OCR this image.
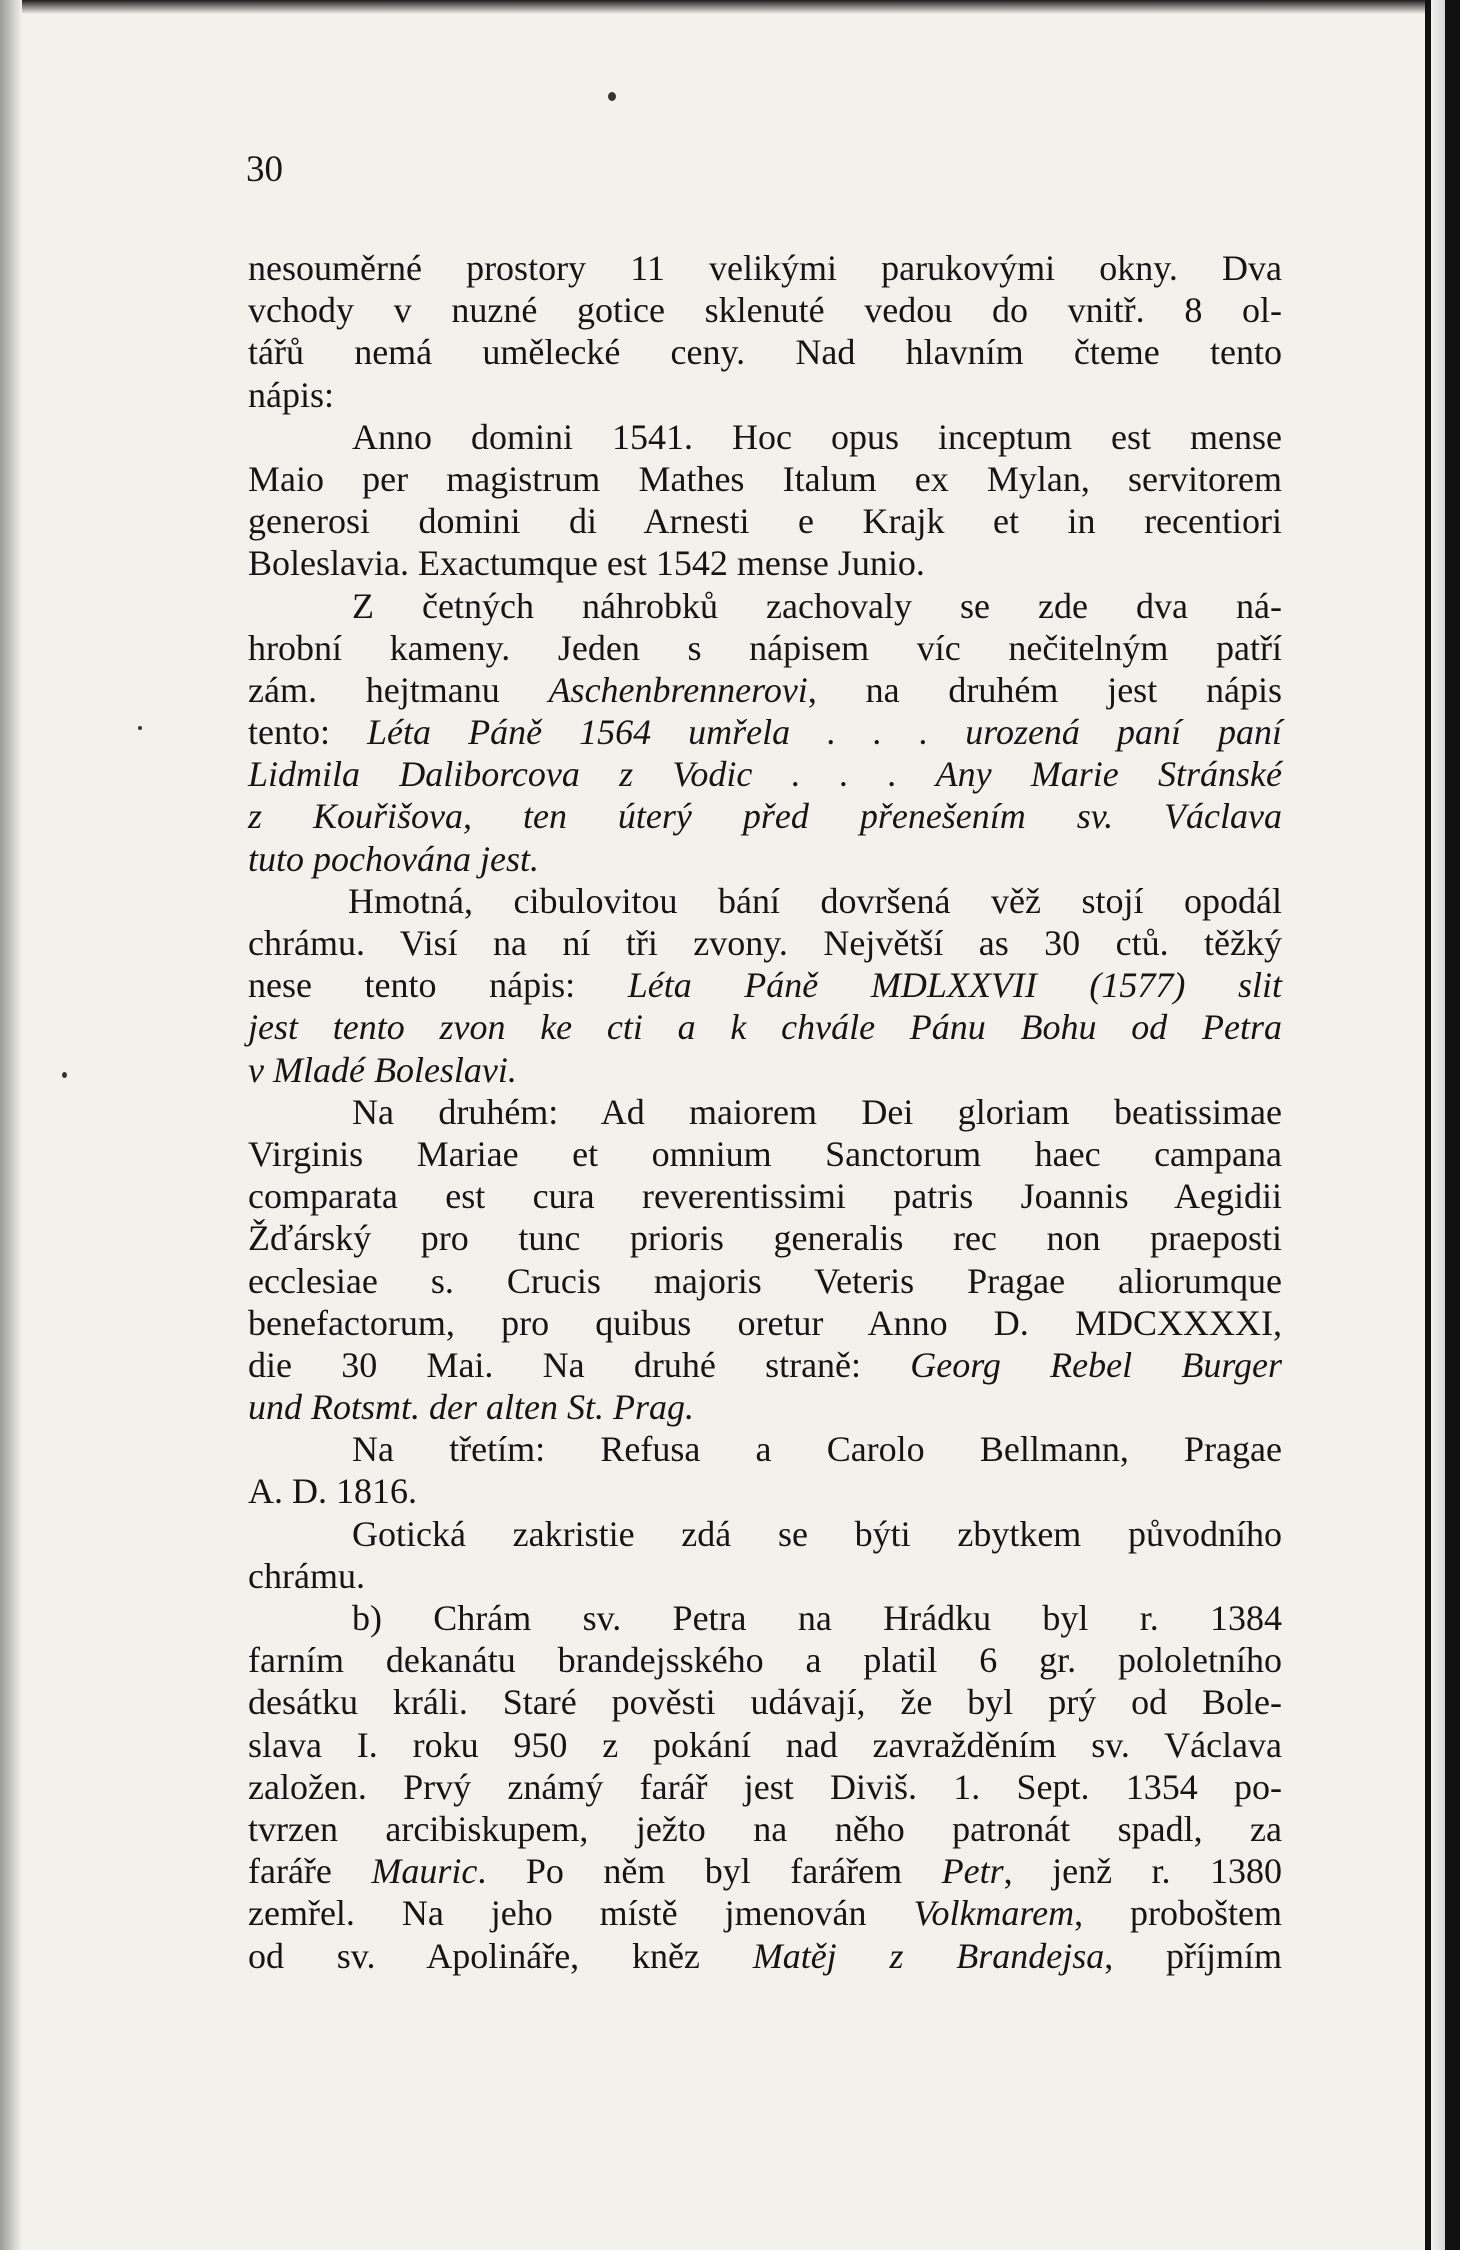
30
nesouměrné prostory 11 velikými parukovými okny. Dva
vchody v nuzné gotice sklenuté vedou do vnitř. 8 ol-
tářů nemá umělecké ceny. Nad hlavním čteme tento
nápis:
Anno domini 1541. Hoc opus inceptum est mense
Maio per magistrum Mathes Italum ex Mylan, servitorem
generosi domini di Arnesti e Krajk et in recentiori
Boleslavia. Exactumque est 1542 mense Junio.
Z četných náhrobků zachovaly se zde dva ná-
hrobní kameny. Jeden s nápisem víc nečitelným patří
zám. hejtmanu Aschenbrennerovi, na druhém jest nápis
tento: Léta Páně 1564 umřela . . . urozená paní paní
Lidmila Daliborcova z Vodic . . . Any Marie Stránské
z Kouřišova, ten úterý před přenešením sv. Václava
tuto pochována jest.
Hmotná, cibulovitou bání dovršená věž stojí opodál
chrámu. Visí na ní tři zvony. Největší as 30 ctů. těžký
nese tento nápis: Léta Páně MDLXXVII (1577) slit
jest tento zvon ke cti a k chvále Pánu Bohu od Petra
v Mladé Boleslavi.
Na druhém: Ad maiorem Dei gloriam beatissimae
Virginis Mariae et omnium Sanctorum haec campana
comparata est cura reverentissimi patris Joannis Aegidii
Žďárský pro tunc prioris generalis rec non praeposti
ecclesiae s. Crucis majoris Veteris Pragae aliorumque
benefactorum, pro quibus oretur Anno D. MDCXXXXI,
die 30 Mai. Na druhé straně: Georg Rebel Burger
und Rotsmt. der alten St. Prag.
Na třetím: Refusa a Carolo Bellmann, Pragae
A. D. 1816.
Gotická zakristie zdá se býti zbytkem původního
chrámu.
b) Chrám sv. Petra na Hrádku byl r. 1384
farním dekanátu brandejsského a platil 6 gr. pololetního
desátku králi. Staré pověsti udávají, že byl prý od Bole-
slava I. roku 950 z pokání nad zavražděním sv. Václava
založen. Prvý známý farář jest Diviš. 1. Sept. 1354 po-
tvrzen arcibiskupem, ježto na něho patronát spadl, za
faráře Mauric. Po něm byl farářem Petr, jenž r. 1380
zemřel. Na jeho místě jmenován Volkmarem, proboštem
od sv. Apolináře, kněz Matěj z Brandejsa, příjmím
